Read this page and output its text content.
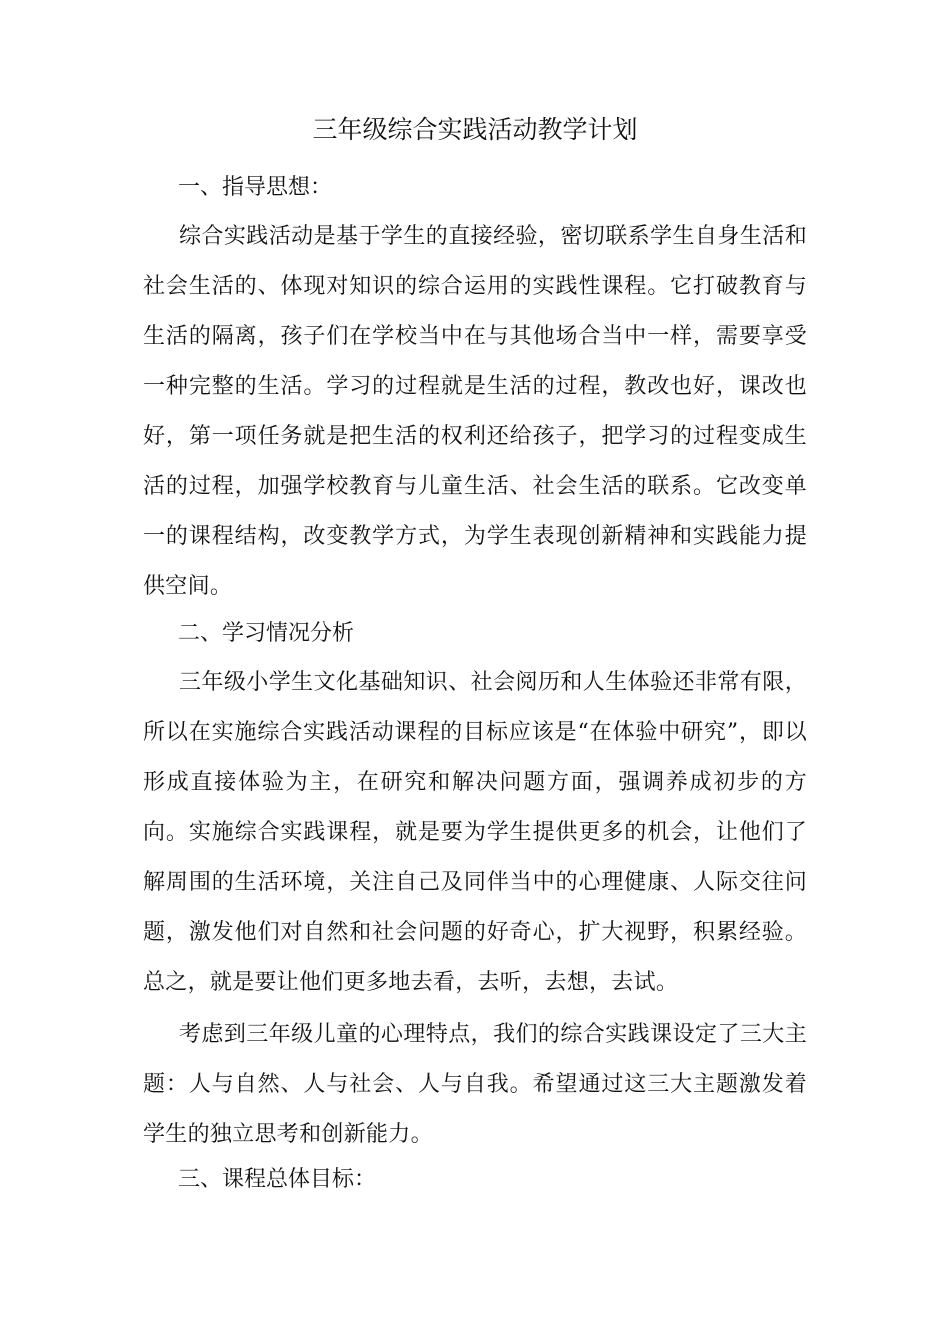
三年级综合实践活动教学计划
一、指导思想：
综合实践活动是基于学生的直接经验，密切联系学生自身生活和社会生活的、体现对知识的综合运用的实践性课程。它打破教育与生活的隔离，孩子们在学校当中在与其他场合当中一样，需要享受一种完整的生活。学习的过程就是生活的过程，教改也好，课改也好，第一项任务就是把生活的权利还给孩子，把学习的过程变成生活的过程，加强学校教育与儿童生活、社会生活的联系。它改变单一的课程结构，改变教学方式，为学生表现创新精神和实践能力提供空间。
二、学习情况分析
三年级小学生文化基础知识、社会阅历和人生体验还非常有限，所以在实施综合实践活动课程的目标应该是“在体验中研究”，即以形成直接体验为主，在研究和解决问题方面，强调养成初步的方向。实施综合实践课程，就是要为学生提供更多的机会，让他们了解周围的生活环境，关注自己及同伴当中的心理健康、人际交往问题，激发他们对自然和社会问题的好奇心，扩大视野，积累经验。总之，就是要让他们更多地去看，去听，去想，去试。
考虑到三年级儿童的心理特点，我们的综合实践课设定了三大主题：人与自然、人与社会、人与自我。希望通过这三大主题激发着学生的独立思考和创新能力。
三、课程总体目标：
